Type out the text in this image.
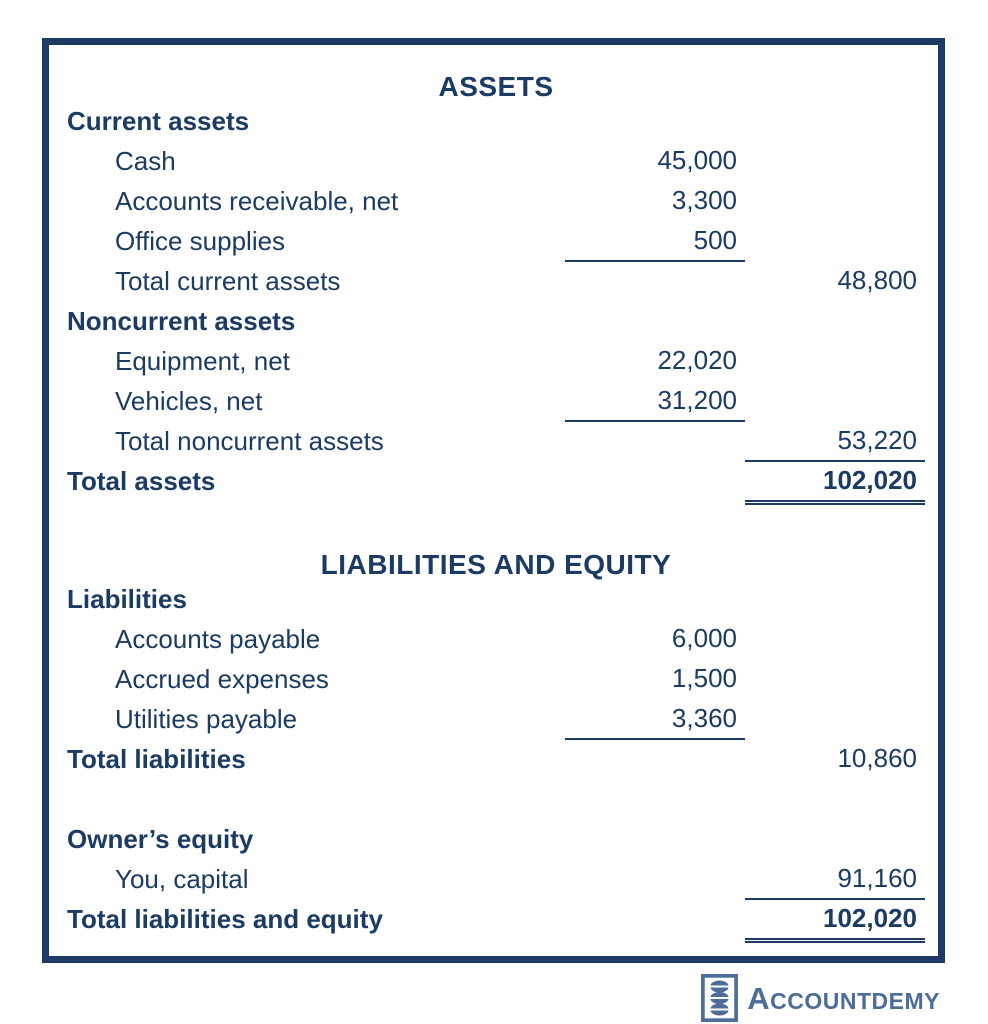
ASSETS
Current assets
Cash	45,000
Accounts receivable, net	3,300
Office supplies	500
Total current assets	48,800
Noncurrent assets
Equipment, net	22,020
Vehicles, net	31,200
Total noncurrent assets	53,220
Total assets	102,020
LIABILITIES AND EQUITY
Liabilities
Accounts payable	6,000
Accrued expenses	1,500
Utilities payable	3,360
Total liabilities	10,860
Owner’s equity
You, capital	91,160
Total liabilities and equity	102,020
ACCOUNTDEMY
